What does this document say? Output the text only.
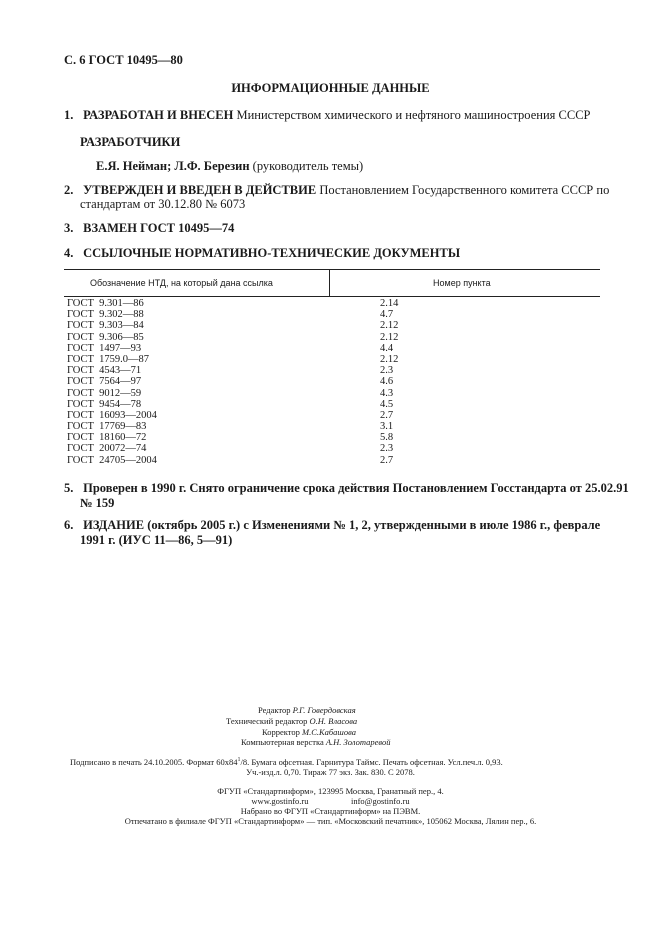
С. 6 ГОСТ 10495—80
ИНФОРМАЦИОННЫЕ ДАННЫЕ
1. РАЗРАБОТАН И ВНЕСЕН Министерством химического и нефтяного машиностроения СССР
РАЗРАБОТЧИКИ
Е.Я. Нейман; Л.Ф. Березин (руководитель темы)
2. УТВЕРЖДЕН И ВВЕДЕН В ДЕЙСТВИЕ Постановлением Государственного комитета СССР по
стандартам от 30.12.80 № 6073
3. ВЗАМЕН ГОСТ 10495—74
4. ССЫЛОЧНЫЕ НОРМАТИВНО-ТЕХНИЧЕСКИЕ ДОКУМЕНТЫ
Обозначение НТД, на который дана ссылка	Номер пункта
ГОСТ  9.301—86	2.14
ГОСТ  9.302—88	4.7
ГОСТ  9.303—84	2.12
ГОСТ  9.306—85	2.12
ГОСТ  1497—93	4.4
ГОСТ  1759.0—87	2.12
ГОСТ  4543—71	2.3
ГОСТ  7564—97	4.6
ГОСТ  9012—59	4.3
ГОСТ  9454—78	4.5
ГОСТ  16093—2004	2.7
ГОСТ  17769—83	3.1
ГОСТ  18160—72	5.8
ГОСТ  20072—74	2.3
ГОСТ  24705—2004	2.7
5. Проверен в 1990 г. Снято ограничение срока действия Постановлением Госстандарта от 25.02.91
№ 159
6. ИЗДАНИЕ (октябрь 2005 г.) с Изменениями № 1, 2, утвержденными в июле 1986 г., феврале
1991 г. (ИУС 11—86, 5—91)
Редактор Р.Г. Говердовская
Технический редактор О.Н. Власова
Корректор М.С.Кабашова
Компьютерная верстка А.Н. Золотаревой
Подписано в печать 24.10.2005. Формат $60x84^1/8$. Бумага офсетная. Гарнитура Таймс. Печать офсетная. Усл.печ.л. 0,93.
Уч.-изд.л. 0,70. Тираж 77 экз. Зак. 830. С 2078.
ФГУП «Стандартинформ», 123995 Москва, Гранатный пер., 4.
www.gostinfo.ru                    info@gostinfo.ru
Набрано во ФГУП «Стандартинформ» на ПЭВМ.
Отпечатано в филиале ФГУП «Стандартинформ» — тип. «Московский печатник», 105062 Москва, Лялин пер., 6.
